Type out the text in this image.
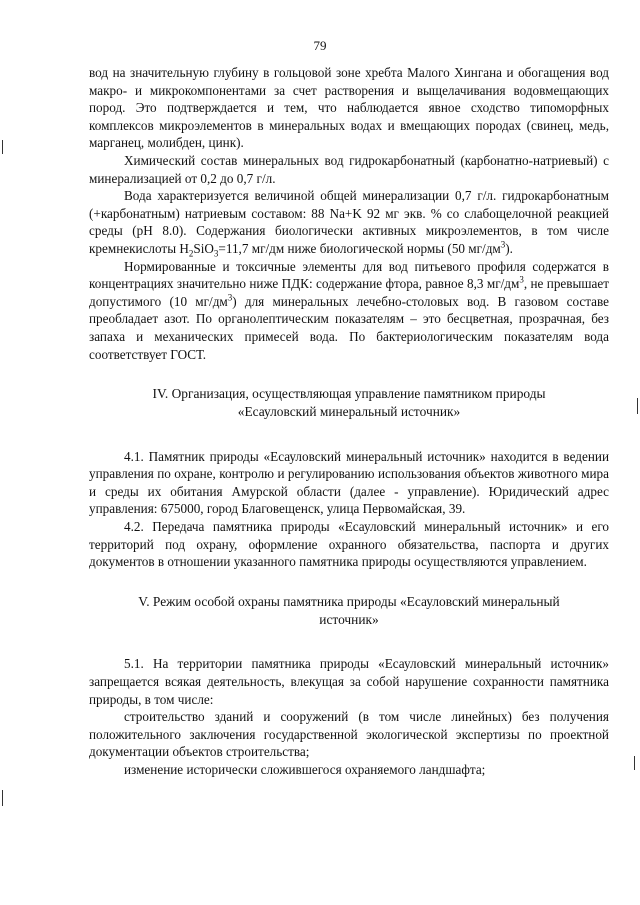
79

вод на значительную глубину в гольцовой зоне хребта Малого Хингана и обогащения вод макро- и микрокомпонентами за счет растворения и выщелачивания водовмещающих пород. Это подтверждается и тем, что наблюдается явное сходство типоморфных комплексов микроэлементов в минеральных водах и вмещающих породах (свинец, медь, марганец, молибден, цинк).

Химический состав минеральных вод гидрокарбонатный (карбонатно-натриевый) с минерализацией от 0,2 до 0,7 г/л.

Вода характеризуется величиной общей минерализации 0,7 г/л. гидрокарбонатным (+карбонатным) натриевым составом: 88 Na+K 92 мг экв. % со слабощелочной реакцией среды (pH 8.0). Содержания биологически активных микроэлементов, в том числе кремнекислоты $H_2SiO_3=11,7$ мг/дм ниже биологической нормы (50 $мг/дм^3$).

Нормированные и токсичные элементы для вод питьевого профиля содержатся в концентрациях значительно ниже ПДК: содержание фтора, равное 8,3 $мг/дм^3$, не превышает допустимого (10 $мг/дм^3$) для минеральных лечебно-столовых вод. В газовом составе преобладает азот. По органолептическим показателям – это бесцветная, прозрачная, без запаха и механических примесей вода. По бактериологическим показателям вода соответствует ГОСТ.

IV. Организация, осуществляющая управление памятником природы
«Есауловский минеральный источник»

4.1. Памятник природы «Есауловский минеральный источник» находится в ведении управления по охране, контролю и регулированию использования объектов животного мира и среды их обитания Амурской области (далее - управление). Юридический адрес управления: 675000, город Благовещенск, улица Первомайская, 39.

4.2. Передача памятника природы «Есауловский минеральный источник» и его территорий под охрану, оформление охранного обязательства, паспорта и других документов в отношении указанного памятника природы осуществляются управлением.

V. Режим особой охраны памятника природы «Есауловский минеральный
источник»

5.1. На территории памятника природы «Есауловский минеральный источник» запрещается всякая деятельность, влекущая за собой нарушение сохранности памятника природы, в том числе:

строительство зданий и сооружений (в том числе линейных) без получения положительного заключения государственной экологической экспертизы по проектной документации объектов строительства;

изменение исторически сложившегося охраняемого ландшафта;
